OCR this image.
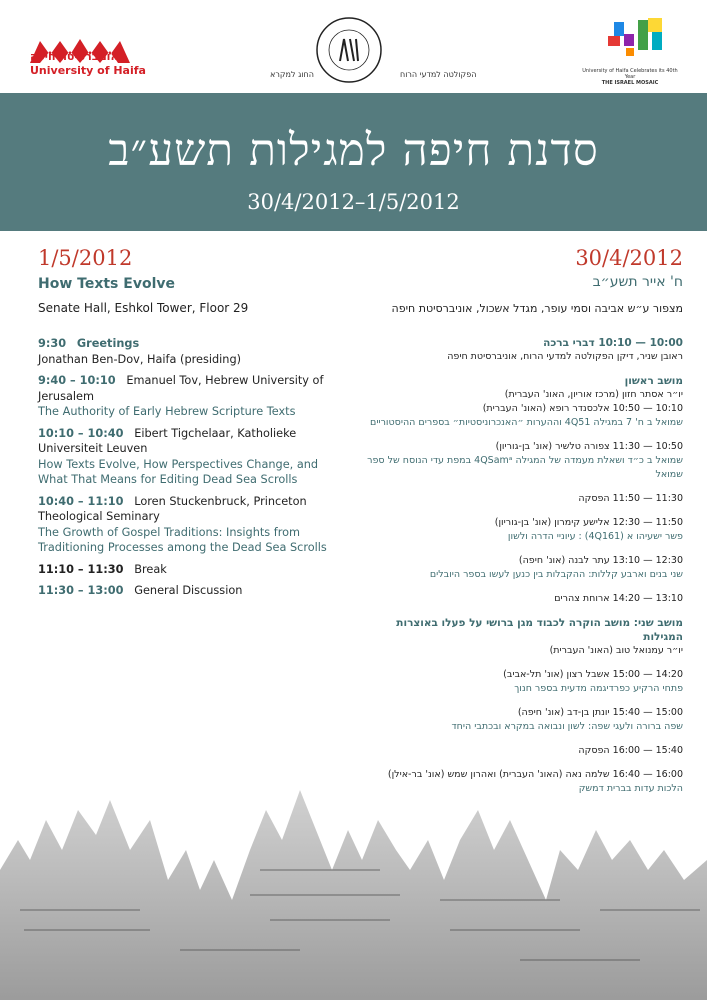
אוניברסיטת חיפה
University of Haifa	הפקולטה למדעי הרוח
החוג למקרא	University of Haifa Celebrates its 40th Year
THE ISRAEL MOSAIC
סדנת חיפה למגילות תשע״ב
30/4/2012–1/5/2012
1/5/2012
How Texts Evolve
Senate Hall, Eshkol Tower, Floor 29
9:30 Greetings
Jonathan Ben-Dov, Haifa (presiding)
9:40 – 10:10 Emanuel Tov, Hebrew University of Jerusalem
The Authority of Early Hebrew Scripture Texts
10:10 – 10:40 Eibert Tigchelaar, Katholieke Universiteit Leuven
How Texts Evolve, How Perspectives Change, and What That Means for Editing Dead Sea Scrolls
10:40 – 11:10 Loren Stuckenbruck, Princeton Theological Seminary
The Growth of Gospel Traditions: Insights from Traditioning Processes among the Dead Sea Scrolls
11:10 – 11:30 Break
11:30 – 13:00 General Discussion
30/4/2012
ח' אייר תשע״ב
מצפור ע״ש אביבה וסמי עופר, מגדל אשכול, אוניברסיטת חיפה
10:00 — 10:10 דברי ברכה
ראובן שניר, דיקן הפקולטה למדעי הרוח, אוניברסיטת חיפה
מושב ראשון
יו״ר אסתר חזון (מרכז אוריון, האונ' העברית)
10:10 — 10:50 אלכסנדר רופא (האונ' העברית)
שמואל ב ח' 7 במגילה 4Q51 וההערות ״האנכרוניסטיות״ בספרים ההיסטוריים
10:50 — 11:30 צפורה טלשיר (אונ' בן-גוריון)
שמואל ב כ״ד ושאלת מעמדה של המגילה 4QSamᵃ במפת עדי הנוסח של ספר שמואל
11:30 — 11:50 הפסקה
11:50 — 12:30 אלישע קימרון (אונ' בן-גוריון)
פשר ישעיהו א (4Q161) : עיוניי הדרה ולשון
12:30 — 13:10 עתר לבנה (אונ' חיפה)
שני בנים וארבע קללות: ההקבלות בין כנען לעשו בספר היובלים
13:10 — 14:20 ארוחת צהרים
מושב שני: מושב הוקרה לכבוד מגן ברושי על פעלו באוצרות המגילות
יו״ר עמנואל טוב (האונ' העברית)
14:20 — 15:00 אשבל רצון (אונ' תל-אביב)
פתחי הרקיע כפרדיגמה מדעית בספר חנוך
15:00 — 15:40 יונתן בן-דב (אונ' חיפה)
שפה ברורה ולעגי שפה: לשון ונבואה במקרא ובכתבי היחד
15:40 — 16:00 הפסקה
16:00 — 16:40 שלמה נאה (האונ' העברית) ואהרון שמש (אונ' בר-אילן)
הלכות עדות בברית דמשק
